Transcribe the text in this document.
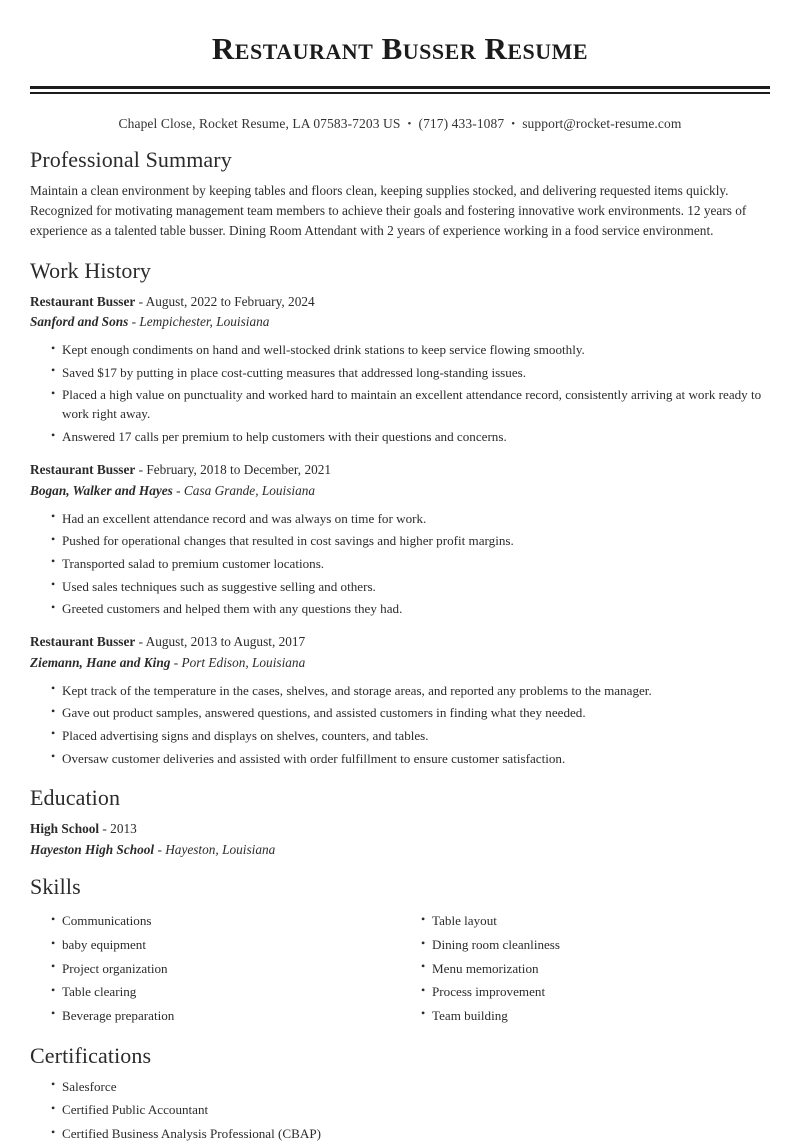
Restaurant Busser Resume
Chapel Close, Rocket Resume, LA 07583-7203 US • (717) 433-1087 • support@rocket-resume.com
Professional Summary

Maintain a clean environment by keeping tables and floors clean, keeping supplies stocked, and delivering requested items quickly. Recognized for motivating management team members to achieve their goals and fostering innovative work environments. 12 years of experience as a talented table busser. Dining Room Attendant with 2 years of experience working in a food service environment.

Work History
Restaurant Busser - August, 2022 to February, 2024
Sanford and Sons - Lempichester, Louisiana
• Kept enough condiments on hand and well-stocked drink stations to keep service flowing smoothly.
• Saved $17 by putting in place cost-cutting measures that addressed long-standing issues.
• Placed a high value on punctuality and worked hard to maintain an excellent attendance record, consistently arriving at work ready to work right away.
• Answered 17 calls per premium to help customers with their questions and concerns.
Restaurant Busser - February, 2018 to December, 2021
Bogan, Walker and Hayes - Casa Grande, Louisiana
• Had an excellent attendance record and was always on time for work.
• Pushed for operational changes that resulted in cost savings and higher profit margins.
• Transported salad to premium customer locations.
• Used sales techniques such as suggestive selling and others.
• Greeted customers and helped them with any questions they had.
Restaurant Busser - August, 2013 to August, 2017
Ziemann, Hane and King - Port Edison, Louisiana
• Kept track of the temperature in the cases, shelves, and storage areas, and reported any problems to the manager.
• Gave out product samples, answered questions, and assisted customers in finding what they needed.
• Placed advertising signs and displays on shelves, counters, and tables.
• Oversaw customer deliveries and assisted with order fulfillment to ensure customer satisfaction.
Education
High School - 2013
Hayeston High School - Hayeston, Louisiana
Skills
• Communications
• baby equipment
• Project organization
• Table clearing
• Beverage preparation
• Table layout
• Dining room cleanliness
• Menu memorization
• Process improvement
• Team building
Certifications
• Salesforce
• Certified Public Accountant
• Certified Business Analysis Professional (CBAP)
